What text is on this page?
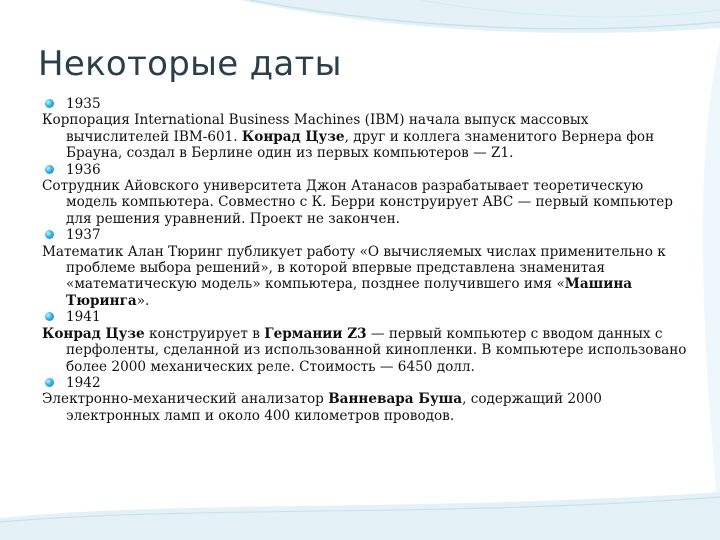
Некоторые даты
1935
Корпорация International Business Machines (IBM) начала выпуск массовых вычислителей IBM-601. Конрад Цузе, друг и коллега знаменитого Вернера фон Брауна, создал в Берлине один из первых компьютеров — Z1.
1936
Сотрудник Айовского университета Джон Атанасов разрабатывает теоретическую модель компьютера. Совместно с К. Берри конструирует ABC — первый компьютер для решения уравнений. Проект не закончен.
1937
Математик Алан Тюринг публикует работу «О вычисляемых числах применительно к проблеме выбора решений», в которой впервые представлена знаменитая «математическую модель» компьютера, позднее получившего имя «Машина Тюринга».
1941
Конрад Цузе конструирует в Германии Z3 — первый компьютер с вводом данных с перфоленты, сделанной из использованной кинопленки. В компьютере использовано более 2000 механических реле. Стоимость — 6450 долл.
1942
Электронно-механический анализатор Ванневара Буша, содержащий 2000 электронных ламп и около 400 километров проводов.
